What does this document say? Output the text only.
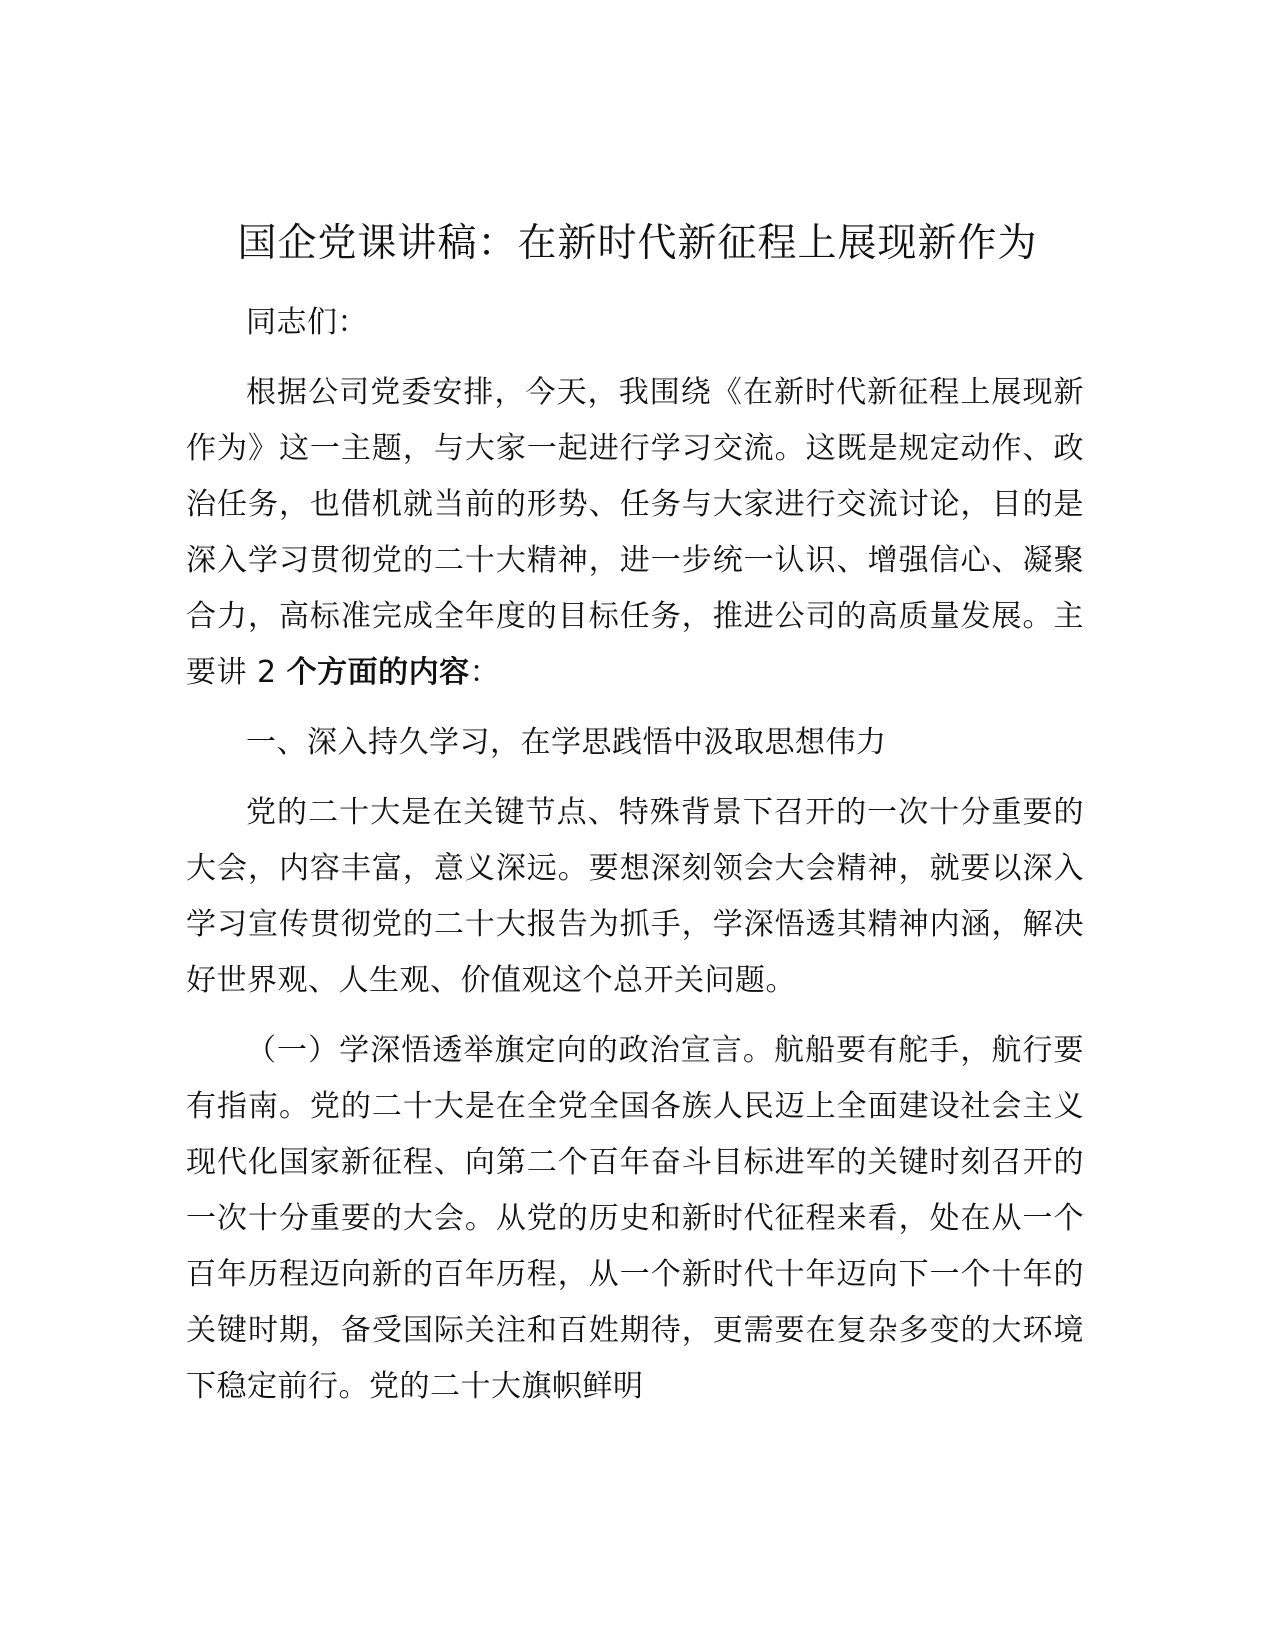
国企党课讲稿：在新时代新征程上展现新作为

同志们：

根据公司党委安排，今天，我围绕《在新时代新征程上展现新作为》这一主题，与大家一起进行学习交流。这既是规定动作、政治任务，也借机就当前的形势、任务与大家进行交流讨论，目的是深入学习贯彻党的二十大精神，进一步统一认识、增强信心、凝聚合力，高标准完成全年度的目标任务，推进公司的高质量发展。主要讲 2 个方面的内容：

一、深入持久学习，在学思践悟中汲取思想伟力

党的二十大是在关键节点、特殊背景下召开的一次十分重要的大会，内容丰富，意义深远。要想深刻领会大会精神，就要以深入学习宣传贯彻党的二十大报告为抓手，学深悟透其精神内涵，解决好世界观、人生观、价值观这个总开关问题。

（一）学深悟透举旗定向的政治宣言。航船要有舵手，航行要有指南。党的二十大是在全党全国各族人民迈上全面建设社会主义现代化国家新征程、向第二个百年奋斗目标进军的关键时刻召开的一次十分重要的大会。从党的历史和新时代征程来看，处在从一个百年历程迈向新的百年历程，从一个新时代十年迈向下一个十年的关键时期，备受国际关注和百姓期待，更需要在复杂多变的大环境下稳定前行。党的二十大旗帜鲜明
